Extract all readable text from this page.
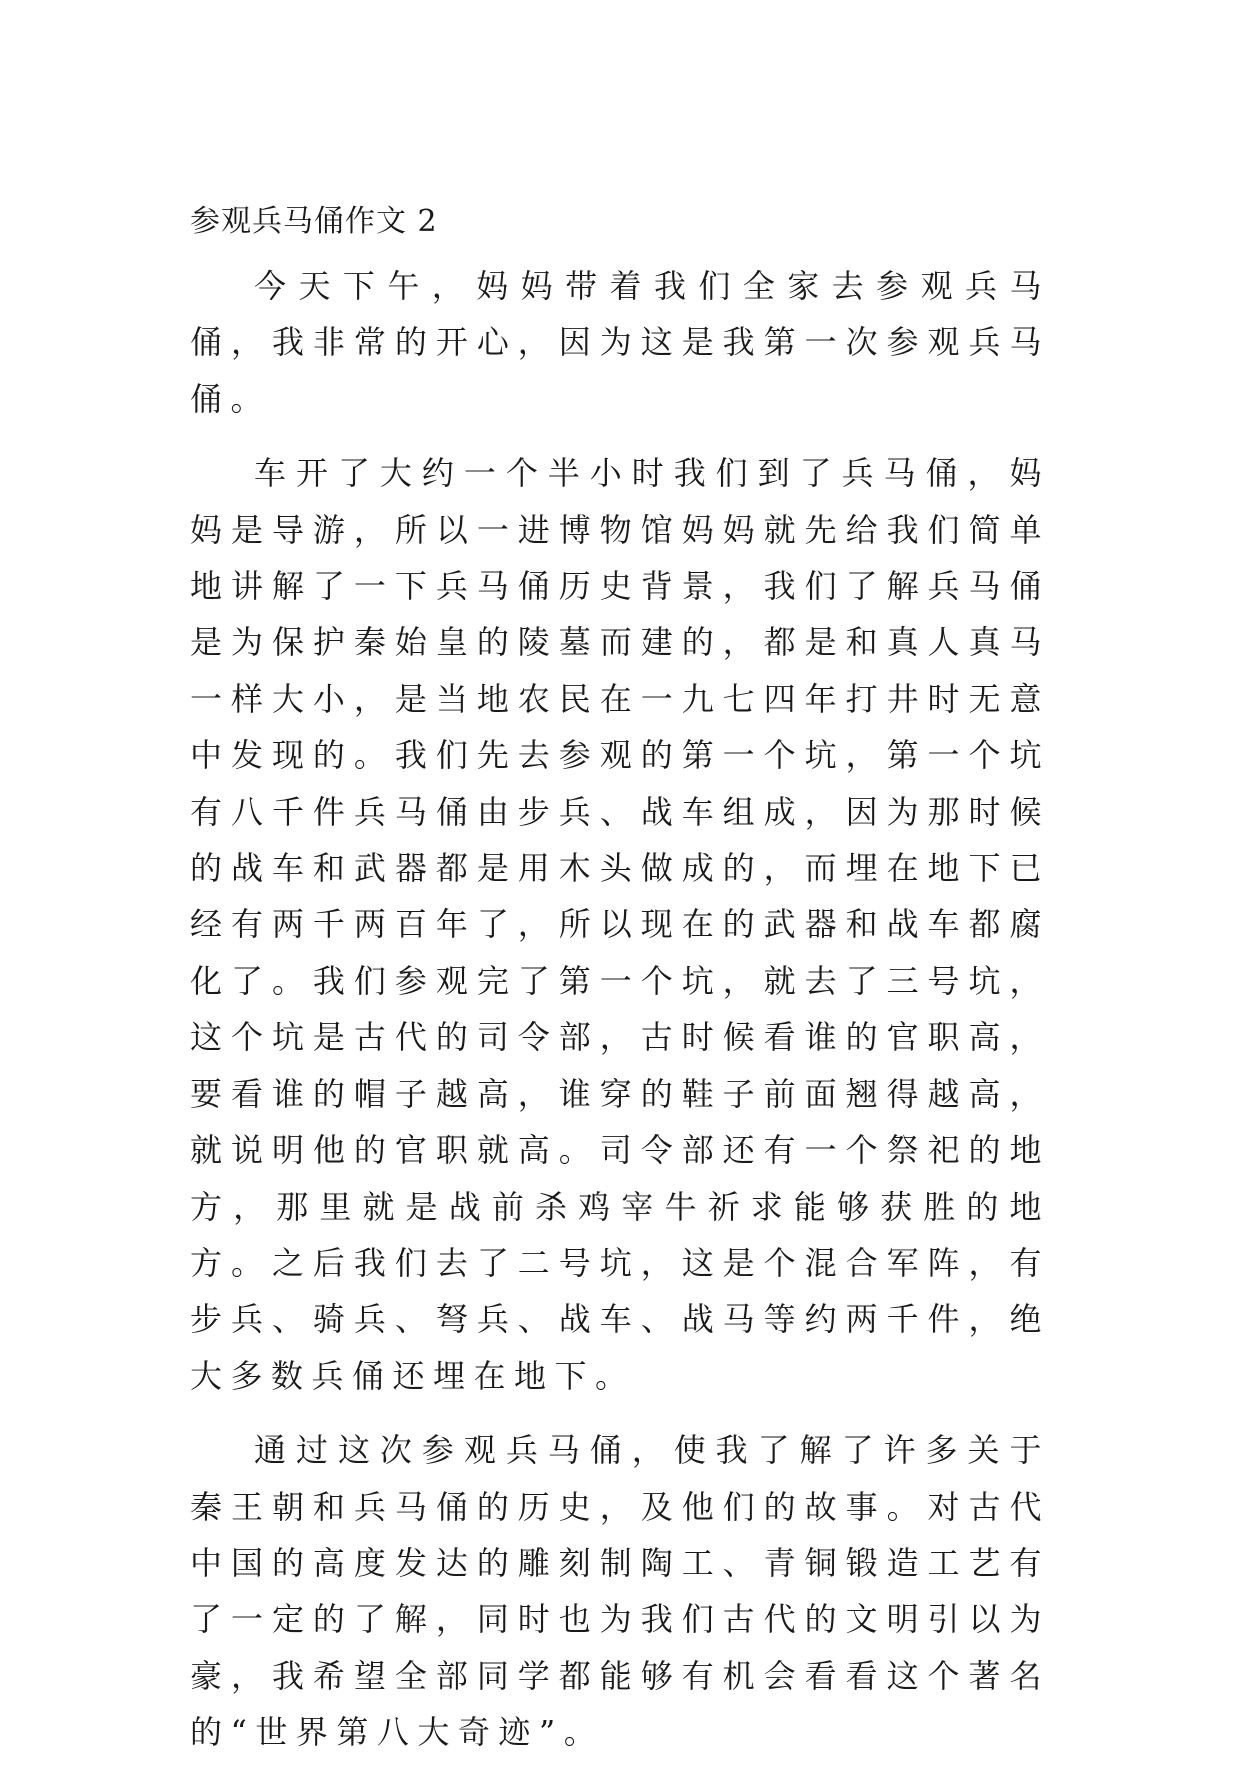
参观兵马俑作文 2

今天下午，妈妈带着我们全家去参观兵马俑，我非常的开心，因为这是我第一次参观兵马俑。

车开了大约一个半小时我们到了兵马俑，妈妈是导游，所以一进博物馆妈妈就先给我们简单地讲解了一下兵马俑历史背景，我们了解兵马俑是为保护秦始皇的陵墓而建的，都是和真人真马一样大小，是当地农民在一九七四年打井时无意中发现的。我们先去参观的第一个坑，第一个坑有八千件兵马俑由步兵、战车组成，因为那时候的战车和武器都是用木头做成的，而埋在地下已经有两千两百年了，所以现在的武器和战车都腐化了。我们参观完了第一个坑，就去了三号坑，这个坑是古代的司令部，古时候看谁的官职高，要看谁的帽子越高，谁穿的鞋子前面翘得越高，就说明他的官职就高。司令部还有一个祭祀的地方，那里就是战前杀鸡宰牛祈求能够获胜的地方。之后我们去了二号坑，这是个混合军阵，有步兵、骑兵、弩兵、战车、战马等约两千件，绝大多数兵俑还埋在地下。

通过这次参观兵马俑，使我了解了许多关于秦王朝和兵马俑的历史，及他们的故事。对古代中国的高度发达的雕刻制陶工、青铜锻造工艺有了一定的了解，同时也为我们古代的文明引以为豪，我希望全部同学都能够有机会看看这个著名的“世界第八大奇迹”。
